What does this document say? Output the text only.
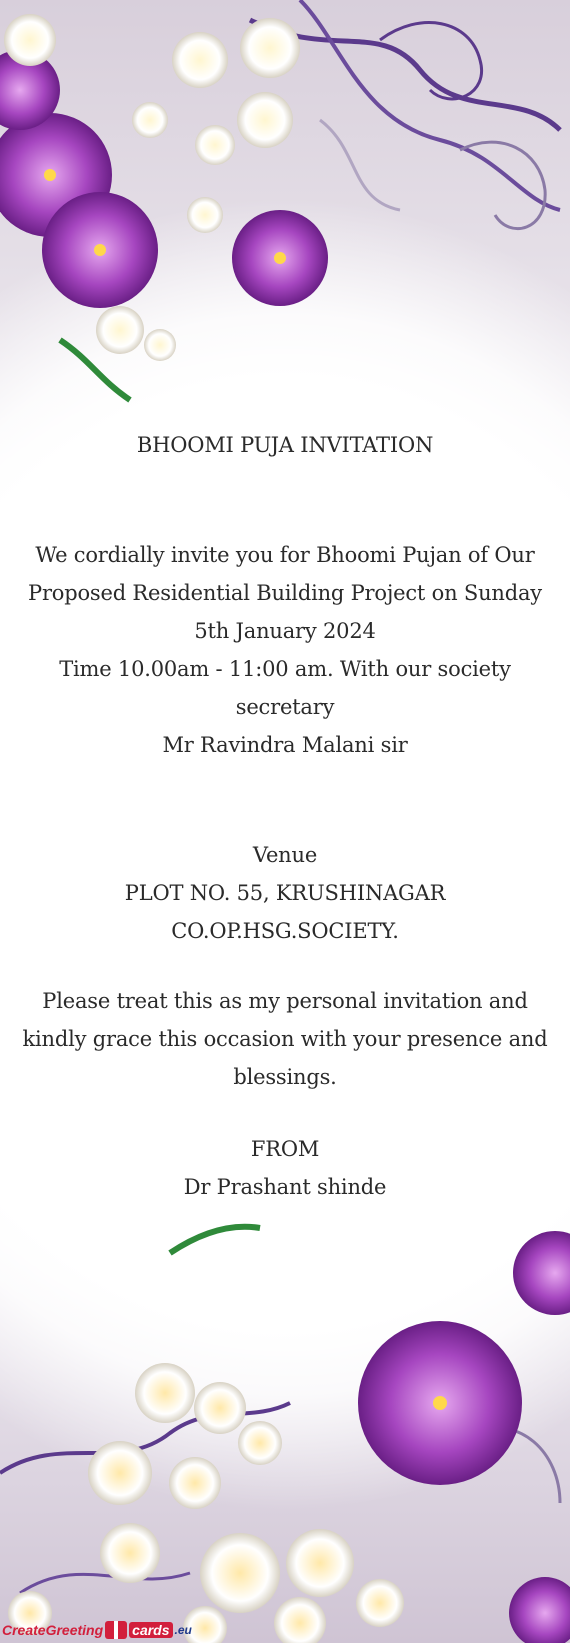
BHOOMI PUJA INVITATION
We cordially invite you for Bhoomi Pujan of Our
Proposed Residential Building Project on Sunday
5th January 2024
Time 10.00am - 11:00 am. With our society secretary
Mr Ravindra Malani sir
Venue
PLOT NO. 55, KRUSHINAGAR
CO.OP.HSG.SOCIETY.
Please treat this as my personal invitation and
kindly grace this occasion with your presence and
blessings.
FROM
Dr Prashant shinde
CreateGreeting cards .eu
